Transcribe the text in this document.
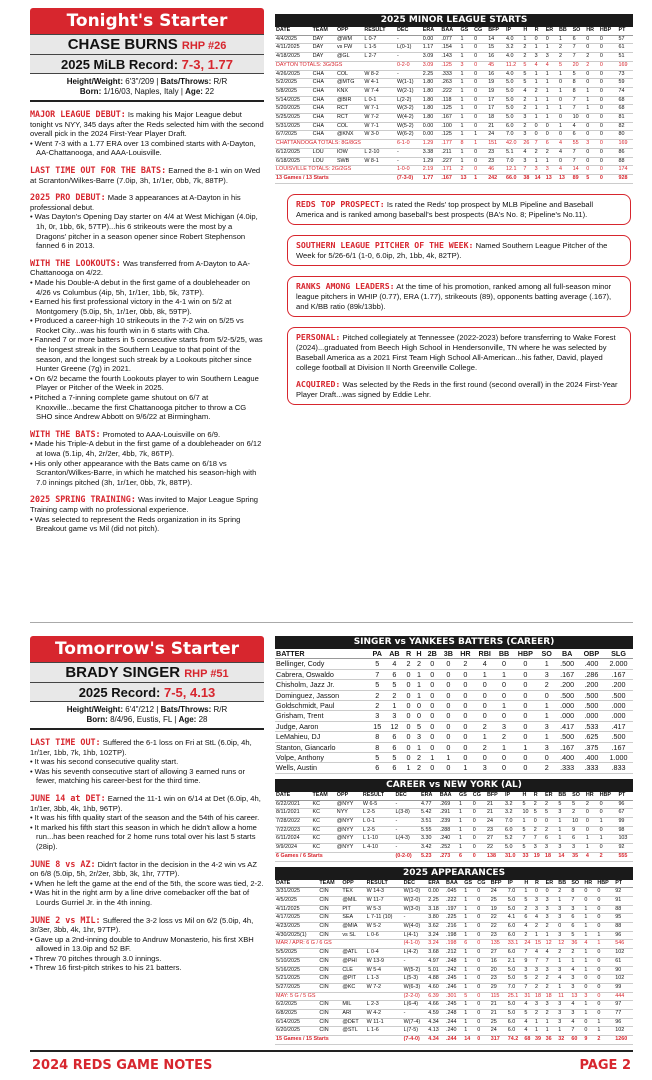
Tonight's Starter
CHASE BURNS RHP #26
2025 MiLB Record: 7-3, 1.77
Height/Weight: 6'3"/209 | Bats/Throws: R/R
Born: 1/16/03, Naples, Italy | Age: 22

MAJOR LEAGUE DEBUT: Is making his Major League debut tonight vs NYY, 345 days after the Reds selected him with the second overall pick in the 2024 First-Year Player Draft.

• Went 7-3 with a 1.77 ERA over 13 combined starts with A-Dayton, AA-Chattanooga, and AAA-Louisville.

LAST TIME OUT FOR THE BATS: Earned the 8-1 win on Wed at Scranton/Wilkes-Barre (7.0ip, 3h, 1r/1er, 0bb, 7k, 88TP).

2025 PRO DEBUT: Made 3 appearances at A-Dayton in his professional debut.

• Was Dayton's Opening Day starter on 4/4 at West Michigan (4.0ip, 1h, 0r, 1bb, 6k, 57TP)...his 6 strikeouts were the most by a Dragons' pitcher in a season opener since Robert Stephenson fanned 6 in 2013.

WITH THE LOOKOUTS: Was transferred from A-Dayton to AA-Chattanooga on 4/22.

• Made his Double-A debut in the first game of a doubleheader on 4/26 vs Columbus (4ip, 5h, 1r/1er, 1bb, 5k, 73TP).
• Earned his first professional victory in the 4-1 win on 5/2 at Montgomery (5.0ip, 5h, 1r/1er, 0bb, 8k, 59TP).
• Produced a career-high 10 strikeouts in the 7-2 win on 5/25 vs Rocket City...was his fourth win in 6 starts with Cha.
• Fanned 7 or more batters in 5 consecutive starts from 5/2-5/25, was the longest streak in the Southern League to that point of the season, and the longest such streak by a Lookouts pitcher since Hunter Greene (7g) in 2021.
• On 6/2 became the fourth Lookouts player to win Southern League Player or Pitcher of the Week in 2025.
• Pitched a 7-inning complete game shutout on 6/7 at Knoxville...became the first Chattanooga pitcher to throw a CG SHO since Andrew Abbott on 9/6/22 at Birmingham.

WITH THE BATS: Promoted to AAA-Louisville on 6/9.

• Made his Triple-A debut in the first game of a doubleheader on 6/12 at Iowa (5.1ip, 4h, 2r/2er, 4bb, 7k, 86TP).
• His only other appearance with the Bats came on 6/18 vs Scranton/Wilkes-Barre, in which he matched his season-high with 7.0 innings pitched (3h, 1r/1er, 0bb, 7k, 88TP).

2025 SPRING TRAINING: Was invited to Major League Spring Training camp with no professional experience.

• Was selected to represent the Reds organization in its Spring Breakout game vs Mil (did not pitch).
2025 MINOR LEAGUE STARTS
DATE	TEAM	OPP	RESULT	DEC	ERA	BAA	GS	CG	BFP	IP	H	R	ER	BB	SO	HR	HBP	PT
4/4/2025	DAY	@WM	L 0-7	-	0.00	.077	1	0	14	4.0	1	0	0	1	6	0	0	57
4/11/2025	DAY	vs FW	L 1-5	L(0-1)	1.17	.154	1	0	15	3.2	2	1	1	2	7	0	0	61
4/18/2025	DAY	@GL	L 2-7	-	3.09	.143	1	0	16	4.0	2	3	3	2	7	2	0	51
DAYTON TOTALS: 3G/3GS				0-2-0	3.09	.125	3	0	45	11.2	5	4	4	5	20	2	0	169
4/26/2025	CHA	COL	W 8-2	-	2.25	.333	1	0	16	4.0	5	1	1	1	5	0	0	73
5/2/2025	CHA	@MTG	W 4-1	W(1-1)	1.80	.263	1	0	19	5.0	5	1	1	0	8	0	0	59
5/8/2025	CHA	KNX	W 7-4	W(2-1)	1.80	.222	1	0	19	5.0	4	2	1	1	8	1	0	74
5/14/2025	CHA	@BIR	L 0-1	L(2-2)	1.80	.118	1	0	17	5.0	2	1	1	0	7	1	0	68
5/20/2025	CHA	RCT	W 7-1	W(3-2)	1.80	.125	1	0	17	5.0	2	1	1	1	7	1	0	68
5/25/2025	CHA	RCT	W 7-2	W(4-2)	1.80	.167	1	0	18	5.0	3	1	1	0	10	0	0	81
5/31/2025	CHA	COL	W 7-1	W(5-2)	0.00	.100	1	0	21	6.0	2	0	0	1	4	0	0	82
6/7/2025	CHA	@KNX	W 3-0	W(6-2)	0.00	.125	1	1	24	7.0	3	0	0	0	6	0	0	80
CHATTANOOGA TOTALS: 8G/8GS				6-1-0	1.29	.177	8	1	151	42.0	26	7	6	4	55	3	0	169
6/12/2025	LOU	IOW	L 2-10	-	3.38	.211	1	0	23	5.1	4	2	2	4	7	0	0	86
6/18/2025	LOU	SWB	W 8-1	-	1.29	.227	1	0	23	7.0	3	1	1	0	7	0	0	88
LOUISVILLE TOTALS: 2G/2GS				1-0-0	2.19	.171	2	0	46	12.1	7	3	3	4	14	0	0	174
13 Games / 13 Starts				(7-3-0)	1.77	.167	13	1	242	66.0	38	14	13	13	89	5	0	928
REDS TOP PROSPECT: Is rated the Reds' top prospect by MLB Pipeline and Baseball America and is ranked among baseball's best prospects (BA's No. 8; Pipeline's No.11).
SOUTHERN LEAGUE PITCHER OF THE WEEK: Named Southern League Pitcher of the Week for 5/26-6/1 (1-0, 6.0ip, 2h, 1bb, 4k, 82TP).
RANKS AMONG LEADERS: At the time of his promotion, ranked among all full-season minor league pitchers in WHIP (0.77), ERA (1.77), strikeouts (89), opponents batting average (.167), and K/BB ratio (89k/13bb).

PERSONAL: Pitched collegiately at Tennessee (2022-2023) before transferring to Wake Forest (2024)...graduated from Beech High School in Hendersonville, TN where he was selected by Baseball America as a 2021 First Team High School All-American...his father, David, played college football at Division II North Greenville College.

ACQUIRED: Was selected by the Reds in the first round (second overall) in the 2024 First-Year Player Draft...was signed by Eddie Lehr.

Tomorrow's Starter
BRADY SINGER RHP #51
2025 Record: 7-5, 4.13
Height/Weight: 6'4"/212 | Bats/Throws: R/R
Born: 8/4/96, Eustis, FL | Age: 28

LAST TIME OUT: Suffered the 6-1 loss on Fri at StL (6.0ip, 4h, 1r/1er, 1bb, 7k, 1hb, 102TP).

• It was his second consecutive quality start.
• Was his seventh consecutive start of allowing 3 earned runs or fewer, matching his career-best for the third time.

JUNE 14 at DET: Earned the 11-1 win on 6/14 at Det (6.0ip, 4h, 1r/1er, 3bb, 4k, 1hb, 96TP).

• It was his fifth quality start of the season and the 54th of his career.
• It marked his fifth start this season in which he didn't allow a home run...has been reached for 2 home runs total over his last 5 starts (28ip).

JUNE 8 vs AZ: Didn't factor in the decision in the 4-2 win vs AZ on 6/8 (5.0ip, 5h, 2r/2er, 3bb, 3k, 1hr, 77TP).

• When he left the game at the end of the 5th, the score was tied, 2-2.
• Was hit in the right arm by a line drive comebacker off the bat of Lourds Gurriel Jr. in the 4th inning.

JUNE 2 vs MIL: Suffered the 3-2 loss vs Mil on 6/2 (5.0ip, 4h, 3r/3er, 3bb, 4k, 1hr, 97TP).

• Gave up a 2nd-inning double to Andruw Monasterio, his first XBH allowed in 13.0ip and 52 BF.
• Threw 70 pitches through 3.0 innings.
• Threw 16 first-pitch strikes to his 21 batters.
SINGER vs YANKEES BATTERS (CAREER)
BATTER	PA	AB	R	H	2B	3B	HR	RBI	BB	HBP	SO	BA	OBP	SLG
Bellinger, Cody	5	4	2	2	0	0	2	4	0	0	1	.500	.400	2.000
Cabrera, Oswaldo	7	6	0	1	0	0	0	1	1	0	3	.167	.286	.167
Chisholm, Jazz Jr.	5	5	0	1	0	0	0	0	0	0	2	.200	.200	.200
Dominguez, Jasson	2	2	0	1	0	0	0	0	0	0	0	.500	.500	.500
Goldschmidt, Paul	2	1	0	0	0	0	0	0	1	0	1	.000	.500	.000
Grisham, Trent	3	3	0	0	0	0	0	0	0	0	1	.000	.000	.000
Judge, Aaron	15	12	0	5	0	0	0	2	3	0	3	.417	.533	.417
LeMahieu, DJ	8	6	0	3	0	0	0	1	2	0	1	.500	.625	.500
Stanton, Giancarlo	8	6	0	1	0	0	0	2	1	1	3	.167	.375	.167
Volpe, Anthony	5	5	0	2	1	1	0	0	0	0	0	.400	.400	1.000
Wells, Austin	6	6	1	2	0	0	1	3	0	0	2	.333	.333	.833
CAREER vs NEW YORK (AL)
DATE	TEAM	OPP	RESULT	DEC	ERA	BAA	GS	CG	BFP	IP	H	R	ER	BB	SO	HR	HBP	PT
6/22/2021	KC	@NYY	W 6-5	-	4.77	.269	1	0	21	3.2	5	2	2	5	5	2	0	96
8/11/2021	KC	NYY	L 2-5	L(3-8)	5.42	.291	1	0	21	3.2	10	5	5	3	2	0	0	67
7/28/2022	KC	@NYY	L 0-1	-	3.51	.239	1	0	24	7.0	1	0	0	1	10	0	1	99
7/22/2023	KC	@NYY	L 2-5	-	5.55	.288	1	0	23	6.0	5	2	2	1	9	0	0	98
6/11/2024	KC	@NYY	L 1-10	L(4-3)	3.30	.240	1	0	27	5.2	7	7	6	1	6	1	1	103
9/9/2024	KC	@NYY	L 4-10	-	3.42	.252	1	0	22	5.0	5	3	3	3	3	1	0	92
6 Games / 6 Starts				(0-2-0)	5.23	.273	6	0	138	31.0	33	19	18	14	35	4	2	555
2025 APPEARANCES
DATE	TEAM	OPP	RESULT	DEC	ERA	BAA	GS	CG	BFP	IP	H	R	ER	BB	SO	HR	HBP	PT
3/31/2025	CIN	TEX	W 14-3	W(1-0)	0.00	.045	1	0	24	7.0	1	0	0	2	8	0	0	92
4/5/2025	CIN	@MIL	W 11-7	W(2-0)	2.25	.222	1	0	25	5.0	5	3	3	1	7	0	0	91
4/11/2025	CIN	PIT	W 5-3	W(3-0)	3.18	.197	1	0	19	5.0	2	3	3	3	3	1	0	88
4/17/2025	CIN	SEA	L 7-11 (10)	-	3.80	.225	1	0	22	4.1	6	4	3	3	6	1	0	95
4/23/2025	CIN	@MIA	W 5-2	W(4-0)	3.62	.216	1	0	22	6.0	4	2	2	0	6	1	0	88
4/30/2025(1)	CIN	vs SL	L 0-6	L(4-1)	3.24	.198	1	0	23	6.0	2	1	1	3	5	1	1	96
MAR / APR: 6 G / 6 GS				(4-1-0)	3.24	.198	6	0	135	33.1	24	15	12	12	36	4	1	546
5/5/2025	CIN	@ATL	L 0-4	L(4-2)	3.68	.212	1	0	27	6.0	7	4	4	2	2	1	0	102
5/10/2025	CIN	@PHI	W 13-9	-	4.97	.248	1	0	16	2.1	9	7	7	1	1	1	0	61
5/16/2025	CIN	CLE	W 5-4	W(5-2)	5.01	.242	1	0	20	5.0	3	3	3	3	4	1	0	90
5/21/2025	CIN	@PIT	L 1-3	L(5-3)	4.88	.245	1	0	23	5.0	5	2	2	4	3	0	0	102
5/27/2025	CIN	@KC	W 7-2	W(6-3)	4.60	.246	1	0	29	7.0	7	2	2	1	3	0	0	99
MAY: 5 G / 5 GS				(2-2-0)	6.39	.301	5	0	115	25.1	31	18	18	11	13	3	0	444
6/2/2025	CIN	MIL	L 2-3	L(6-4)	4.66	.245	1	0	21	5.0	4	3	3	3	4	1	0	97
6/8/2025	CIN	ARI	W 4-2	-	4.59	.248	1	0	21	5.0	5	2	2	3	3	1	0	77
6/14/2025	CIN	@DET	W 11-1	W(7-4)	4.34	.244	1	0	25	6.0	4	1	1	3	4	0	1	96
6/20/2025	CIN	@STL	L 1-6	L(7-5)	4.13	.240	1	0	24	6.0	4	1	1	1	7	0	1	102
15 Games / 15 Starts				(7-4-0)	4.34	.244	14	0	317	74.2	68	39	36	32	60	9	2	1260
2024 REDS GAME NOTES	PAGE 2
